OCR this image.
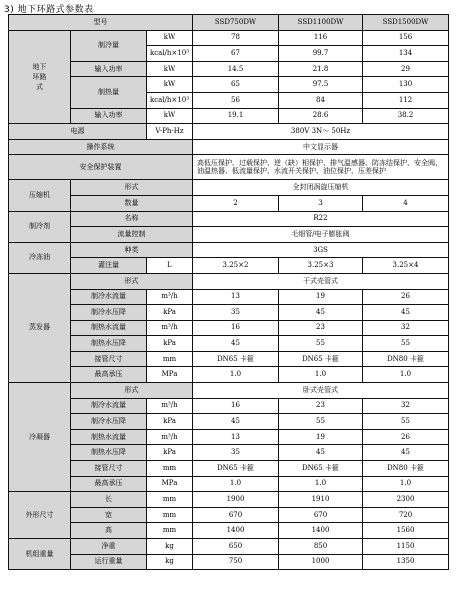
3) 地下环路式参数表
型号			SSD750DW	SSD1100DW	SSD1500DW
地下环路式	制冷量	kW	78	116	156
		kcal/h×10³	67	99.7	134
	输入功率	kW	14.5	21.8	29
	制热量	kW	65	97.5	130
		kcal/h×10³	56	84	112
	输入功率	kW	19.1	28.6	38.2
电源		V-Ph-Hz	380V 3N～ 50Hz		
操作系统			中文显示器		
安全保护装置			高低压保护、过载保护、逆（缺）相保护、排气温感器、防冻结保护、安全阀、油温热器、低流量保护、水流开关保护、油位保护、压差保护		
压缩机	形式		全封闭涡旋压缩机		
	数量		2	3	4
制冷剂	名称		R22		
	流量控制		毛细管/电子膨胀阀		
冷冻油	种类		3GS		
	灌注量	L	3.25×2	3.25×3	3.25×4
蒸发器	形式		干式壳管式		
	制冷水流量	m³/h	13	19	26
	制冷水压降	kPa	35	45	45
	制热水流量	m³/h	16	23	32
	制热水压降	kPa	45	55	55
	接管尺寸	mm	DN65 卡箍	DN65 卡箍	DN80 卡箍
	最高承压	MPa	1.0	1.0	1.0
冷凝器	形式		卧式壳管式		
	制冷水流量	m³/h	16	23	32
	制冷水压降	kPa	45	55	55
	制热水流量	m³/h	13	19	26
	制热水压降	kPa	35	45	45
	接管尺寸	mm	DN65 卡箍	DN65 卡箍	DN80 卡箍
	最高承压	MPa	1.0	1.0	1.0
外形尺寸	长	mm	1900	1910	2300
	宽	mm	670	670	720
	高	mm	1400	1400	1560
机组重量	净重	kg	650	850	1150
	运行重量	kg	750	1000	1350
